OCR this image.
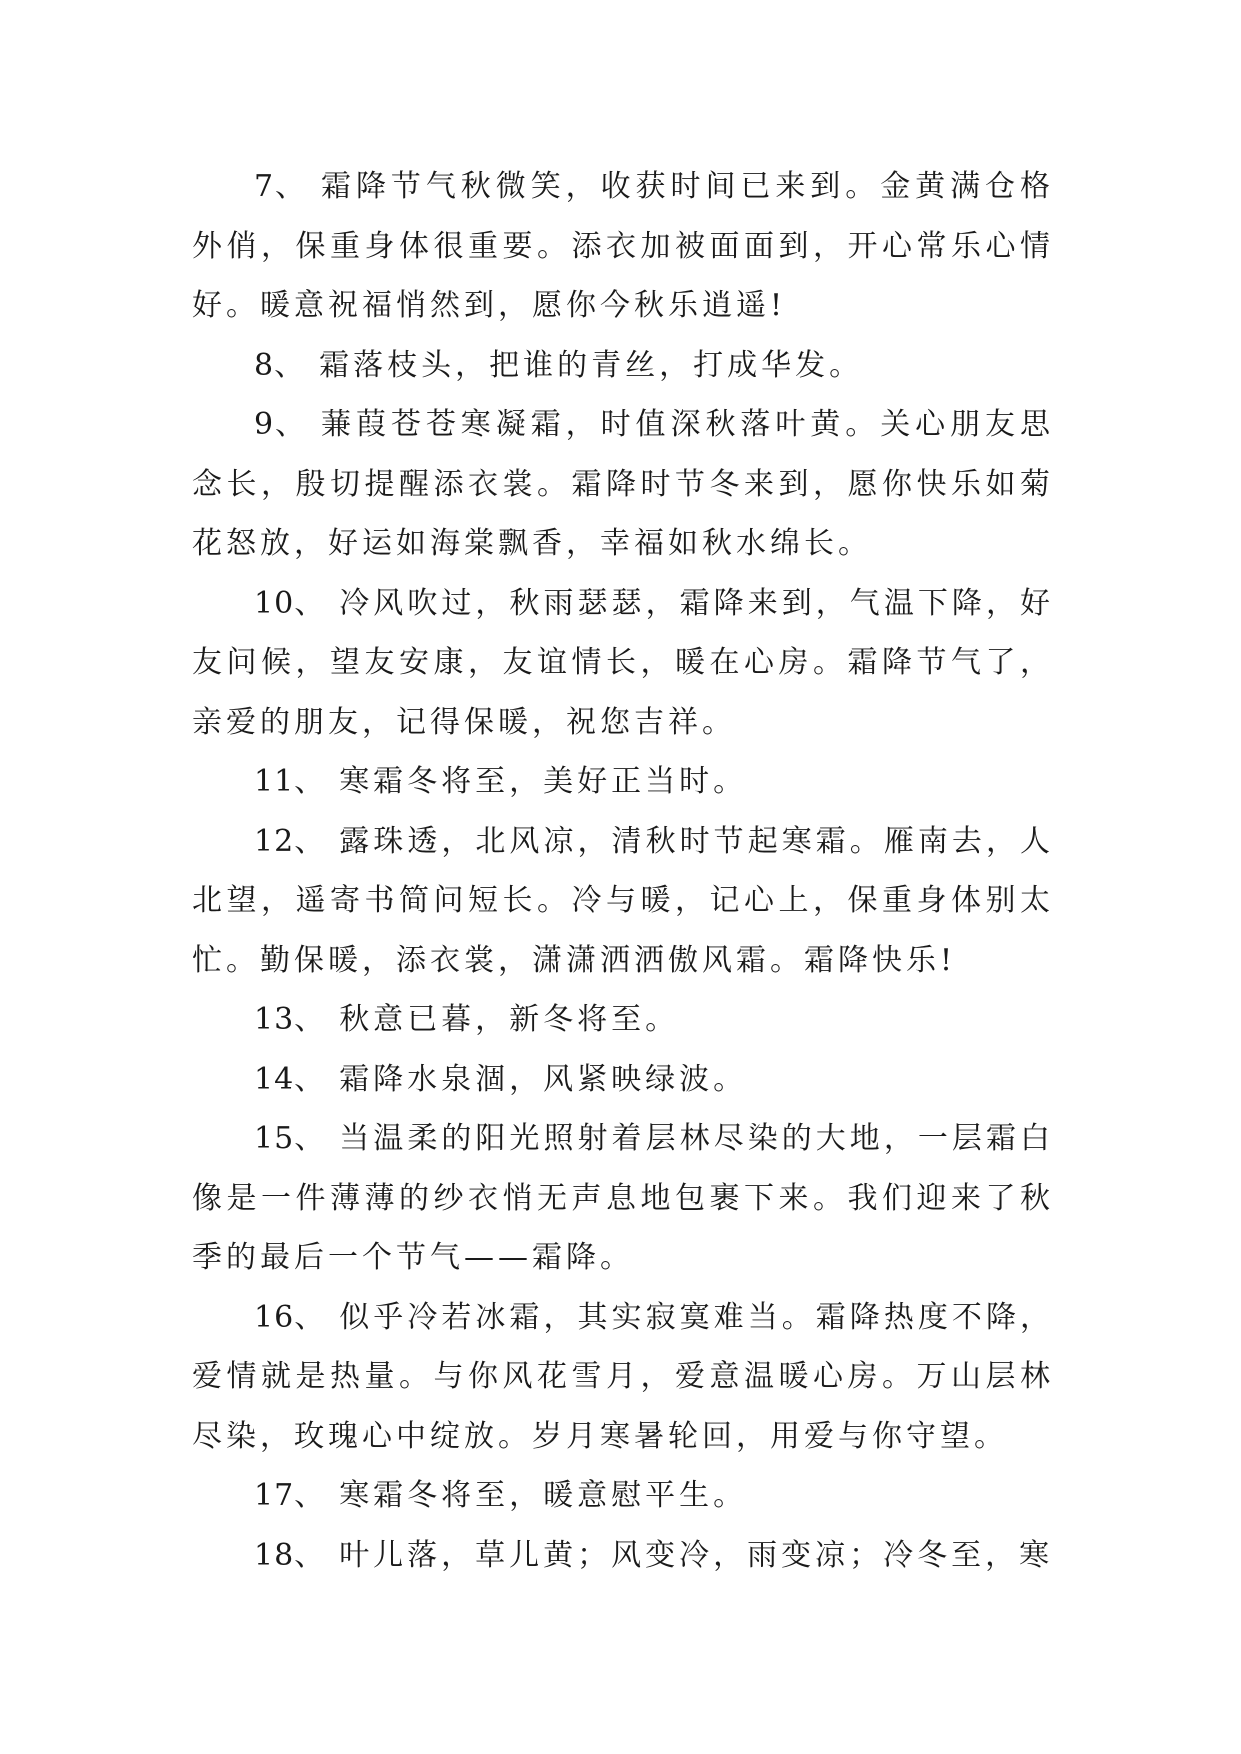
7、 霜降节气秋微笑，收获时间已来到。金黄满仓格外俏，保重身体很重要。添衣加被面面到，开心常乐心情好。暖意祝福悄然到，愿你今秋乐逍遥!

8、 霜落枝头，把谁的青丝，打成华发。

9、 蒹葭苍苍寒凝霜，时值深秋落叶黄。关心朋友思念长，殷切提醒添衣裳。霜降时节冬来到，愿你快乐如菊花怒放，好运如海棠飘香，幸福如秋水绵长。

10、 冷风吹过，秋雨瑟瑟，霜降来到，气温下降，好友问候，望友安康，友谊情长，暖在心房。霜降节气了，亲爱的朋友，记得保暖，祝您吉祥。

11、 寒霜冬将至，美好正当时。

12、 露珠透，北风凉，清秋时节起寒霜。雁南去，人北望，遥寄书简问短长。冷与暖，记心上，保重身体别太忙。勤保暖，添衣裳，潇潇洒洒傲风霜。霜降快乐!

13、 秋意已暮，新冬将至。

14、 霜降水泉涸，风紧映绿波。

15、 当温柔的阳光照射着层林尽染的大地，一层霜白像是一件薄薄的纱衣悄无声息地包裹下来。我们迎来了秋季的最后一个节气——霜降。

16、 似乎冷若冰霜，其实寂寞难当。霜降热度不降，爱情就是热量。与你风花雪月，爱意温暖心房。万山层林尽染，玫瑰心中绽放。岁月寒暑轮回，用爱与你守望。

17、 寒霜冬将至，暖意慰平生。

18、 叶儿落，草儿黄；风变冷，雨变凉；冷冬至，寒
